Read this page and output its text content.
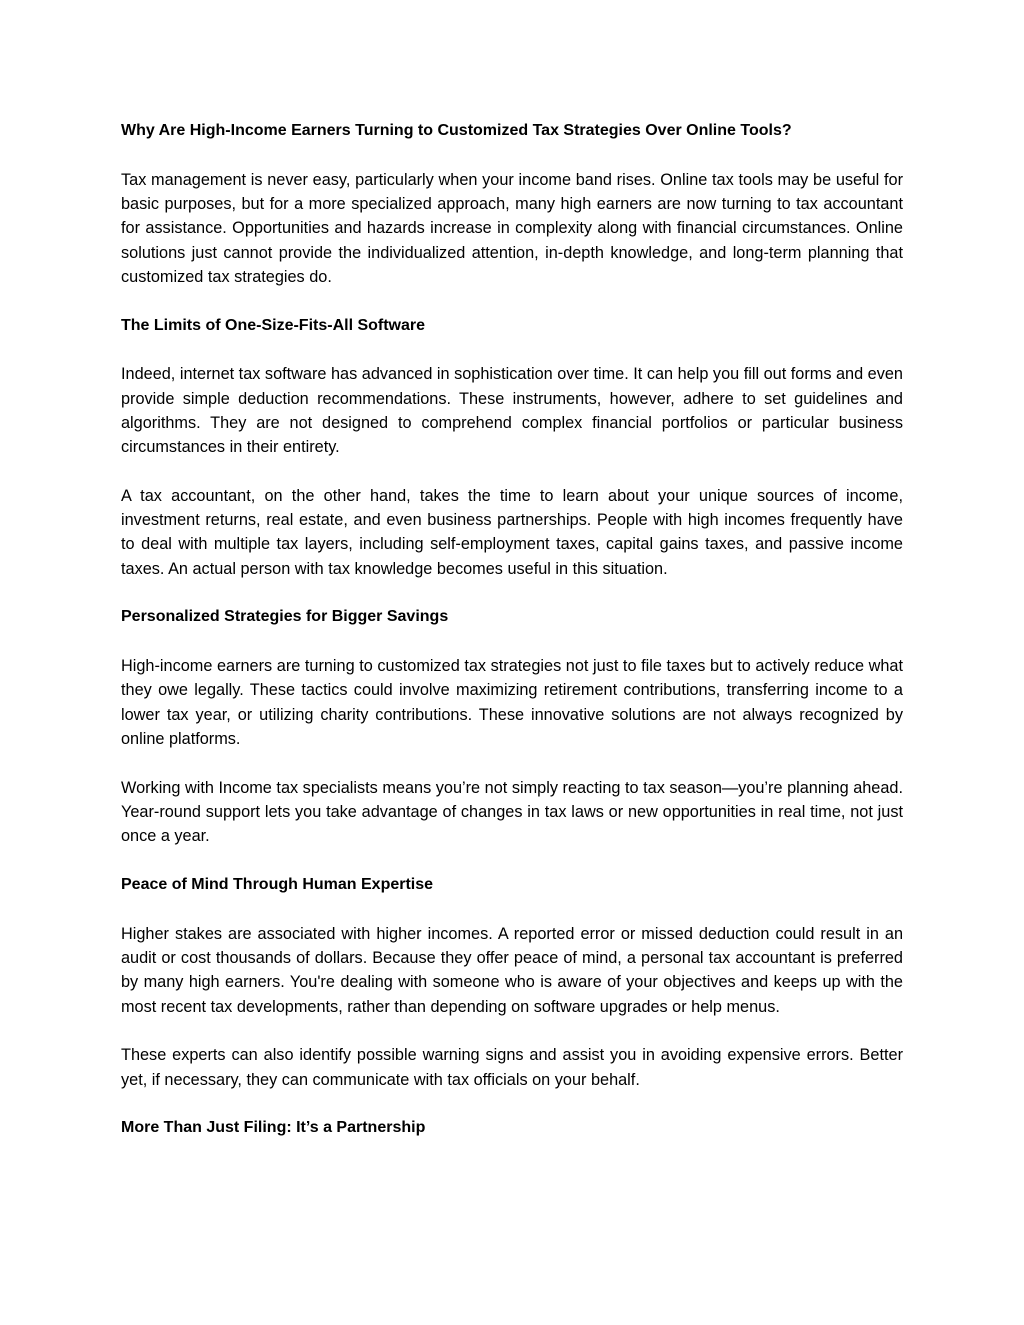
Why Are High-Income Earners Turning to Customized Tax Strategies Over Online Tools?

Tax management is never easy, particularly when your income band rises. Online tax tools may be useful for basic purposes, but for a more specialized approach, many high earners are now turning to tax accountant for assistance. Opportunities and hazards increase in complexity along with financial circumstances. Online solutions just cannot provide the individualized attention, in-depth knowledge, and long-term planning that customized tax strategies do.

The Limits of One-Size-Fits-All Software

Indeed, internet tax software has advanced in sophistication over time. It can help you fill out forms and even provide simple deduction recommendations. These instruments, however, adhere to set guidelines and algorithms. They are not designed to comprehend complex financial portfolios or particular business circumstances in their entirety.

A tax accountant, on the other hand, takes the time to learn about your unique sources of income, investment returns, real estate, and even business partnerships. People with high incomes frequently have to deal with multiple tax layers, including self-employment taxes, capital gains taxes, and passive income taxes. An actual person with tax knowledge becomes useful in this situation.

Personalized Strategies for Bigger Savings

High-income earners are turning to customized tax strategies not just to file taxes but to actively reduce what they owe legally. These tactics could involve maximizing retirement contributions, transferring income to a lower tax year, or utilizing charity contributions. These innovative solutions are not always recognized by online platforms.

Working with Income tax specialists means you’re not simply reacting to tax season—you’re planning ahead. Year-round support lets you take advantage of changes in tax laws or new opportunities in real time, not just once a year.

Peace of Mind Through Human Expertise

Higher stakes are associated with higher incomes. A reported error or missed deduction could result in an audit or cost thousands of dollars. Because they offer peace of mind, a personal tax accountant is preferred by many high earners. You're dealing with someone who is aware of your objectives and keeps up with the most recent tax developments, rather than depending on software upgrades or help menus.

These experts can also identify possible warning signs and assist you in avoiding expensive errors. Better yet, if necessary, they can communicate with tax officials on your behalf.

More Than Just Filing: It’s a Partnership
